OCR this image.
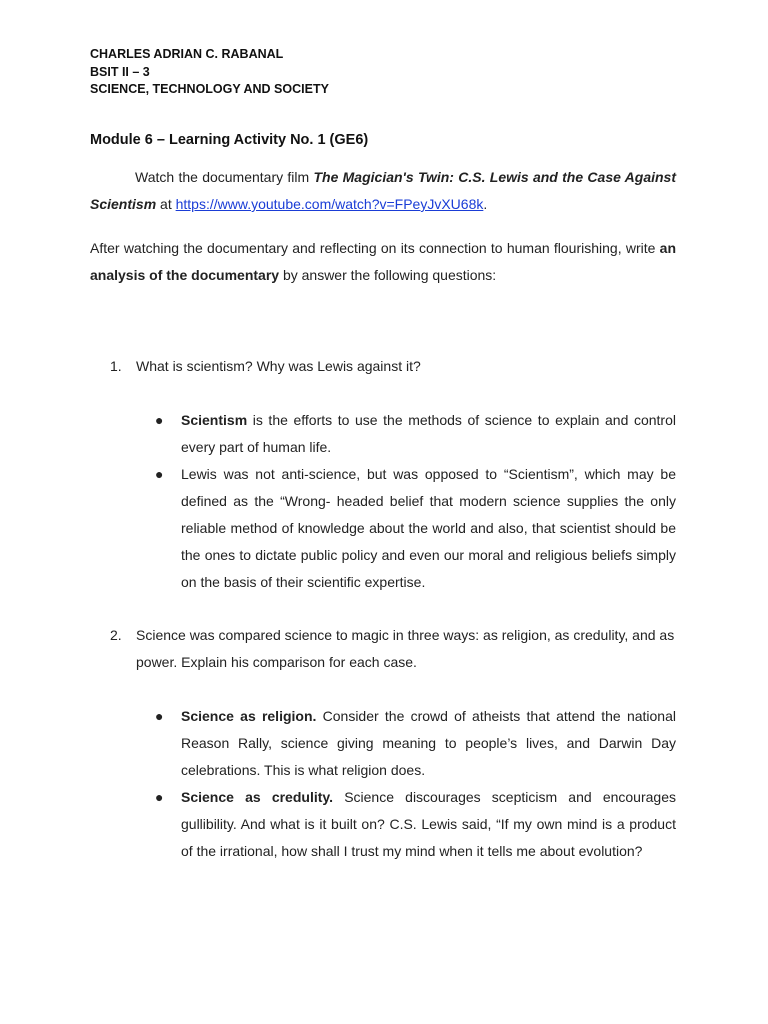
CHARLES ADRIAN C. RABANAL
BSIT II – 3
SCIENCE, TECHNOLOGY AND SOCIETY
Module 6 – Learning Activity No. 1 (GE6)
Watch the documentary film The Magician's Twin: C.S. Lewis and the Case Against Scientism at https://www.youtube.com/watch?v=FPeyJvXU68k.
After watching the documentary and reflecting on its connection to human flourishing, write an analysis of the documentary by answer the following questions:
1. What is scientism? Why was Lewis against it?
● Scientism is the efforts to use the methods of science to explain and control every part of human life.
● Lewis was not anti-science, but was opposed to “Scientism”, which may be defined as the “Wrong- headed belief that modern science supplies the only reliable method of knowledge about the world and also, that scientist should be the ones to dictate public policy and even our moral and religious beliefs simply on the basis of their scientific expertise.
2. Science was compared science to magic in three ways: as religion, as credulity, and as power. Explain his comparison for each case.
● Science as religion. Consider the crowd of atheists that attend the national Reason Rally, science giving meaning to people’s lives, and Darwin Day celebrations. This is what religion does.
● Science as credulity. Science discourages scepticism and encourages gullibility. And what is it built on? C.S. Lewis said, “If my own mind is a product of the irrational, how shall I trust my mind when it tells me about evolution?
